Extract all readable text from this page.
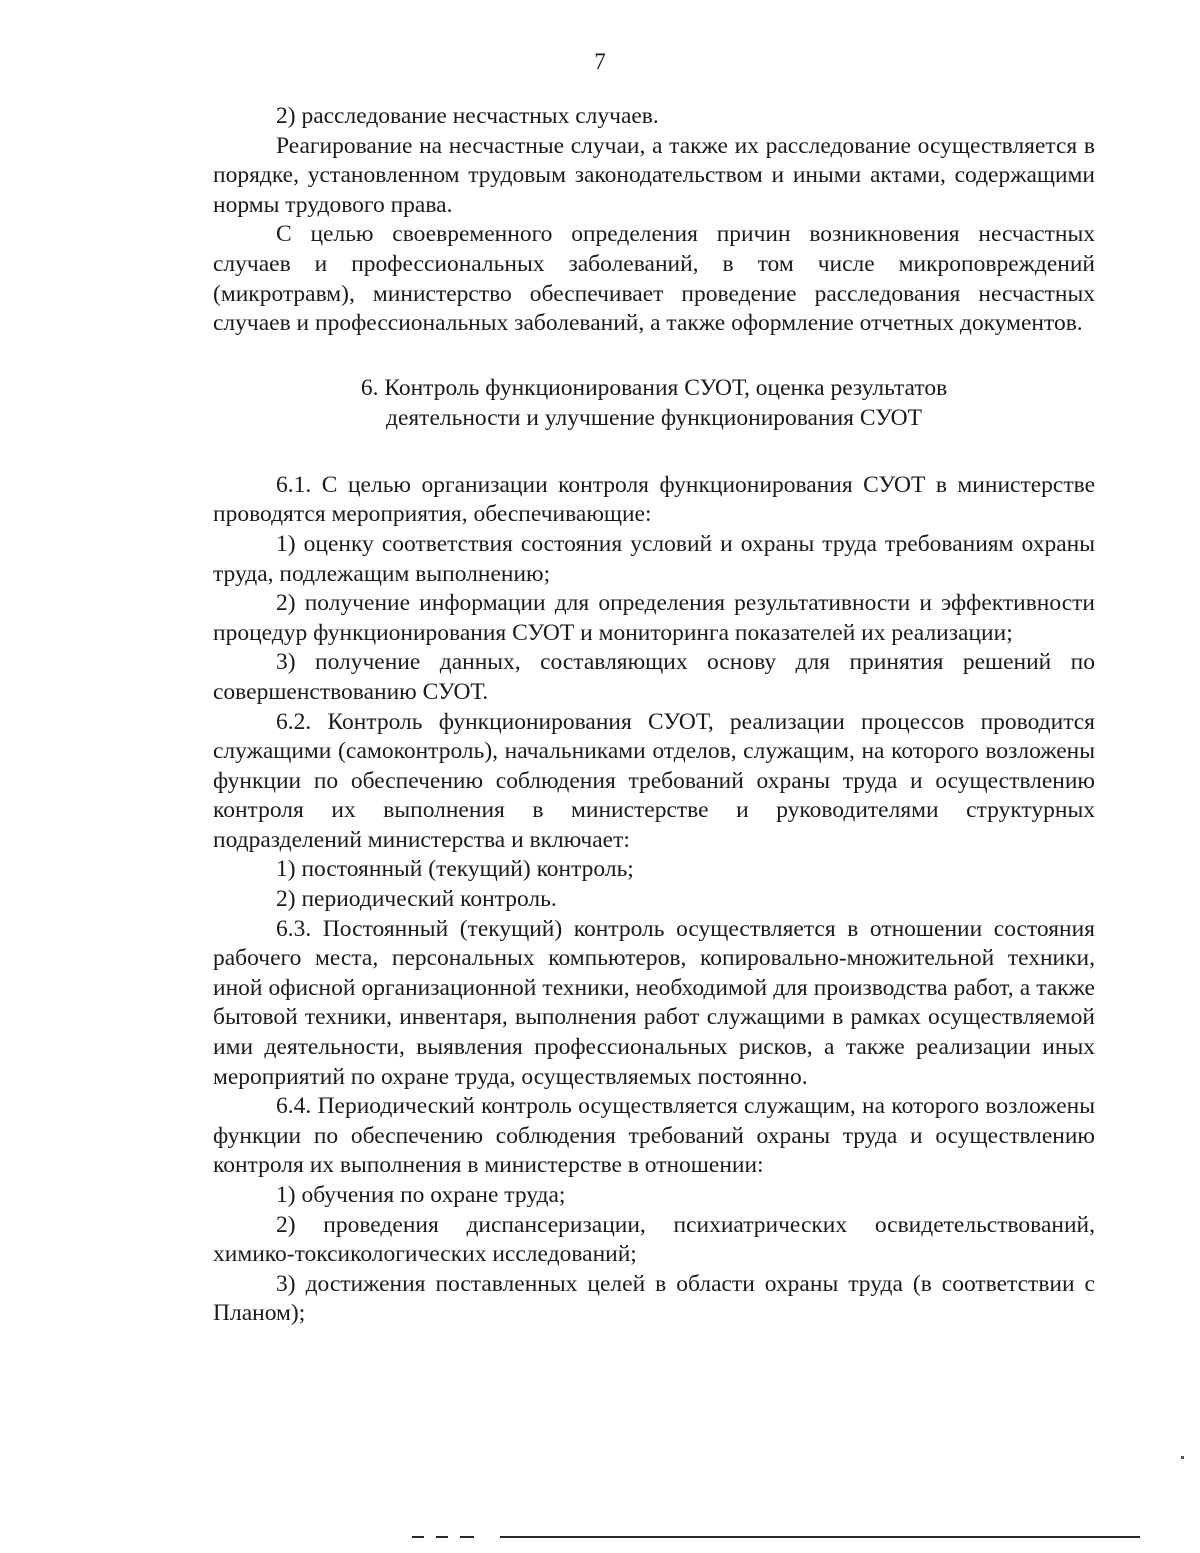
7

2) расследование несчастных случаев.

Реагирование на несчастные случаи, а также их расследование осуществляется в порядке, установленном трудовым законодательством и иными актами, содержащими нормы трудового права.

С целью своевременного определения причин возникновения несчастных случаев и профессиональных заболеваний, в том числе микроповреждений (микротравм), министерство обеспечивает проведение расследования несчастных случаев и профессиональных заболеваний, а также оформление отчетных документов.

6. Контроль функционирования СУОТ, оценка результатов
деятельности и улучшение функционирования СУОТ

6.1. С целью организации контроля функционирования СУОТ в министерстве проводятся мероприятия, обеспечивающие:

1) оценку соответствия состояния условий и охраны труда требованиям охраны труда, подлежащим выполнению;

2) получение информации для определения результативности и эффективности процедур функционирования СУОТ и мониторинга показателей их реализации;

3) получение данных, составляющих основу для принятия решений по совершенствованию СУОТ.

6.2. Контроль функционирования СУОТ, реализации процессов проводится служащими (самоконтроль), начальниками отделов, служащим, на которого возложены функции по обеспечению соблюдения требований охраны труда и осуществлению контроля их выполнения в министерстве и руководителями структурных подразделений министерства и включает:

1) постоянный (текущий) контроль;

2) периодический контроль.

6.3. Постоянный (текущий) контроль осуществляется в отношении состояния рабочего места, персональных компьютеров, копировально-множительной техники, иной офисной организационной техники, необходимой для производства работ, а также бытовой техники, инвентаря, выполнения работ служащими в рамках осуществляемой ими деятельности, выявления профессиональных рисков, а также реализации иных мероприятий по охране труда, осуществляемых постоянно.

6.4. Периодический контроль осуществляется служащим, на которого возложены функции по обеспечению соблюдения требований охраны труда и осуществлению контроля их выполнения в министерстве в отношении:

1) обучения по охране труда;

2) проведения диспансеризации, психиатрических освидетельствований, химико-токсикологических исследований;

3) достижения поставленных целей в области охраны труда (в соответствии с Планом);
